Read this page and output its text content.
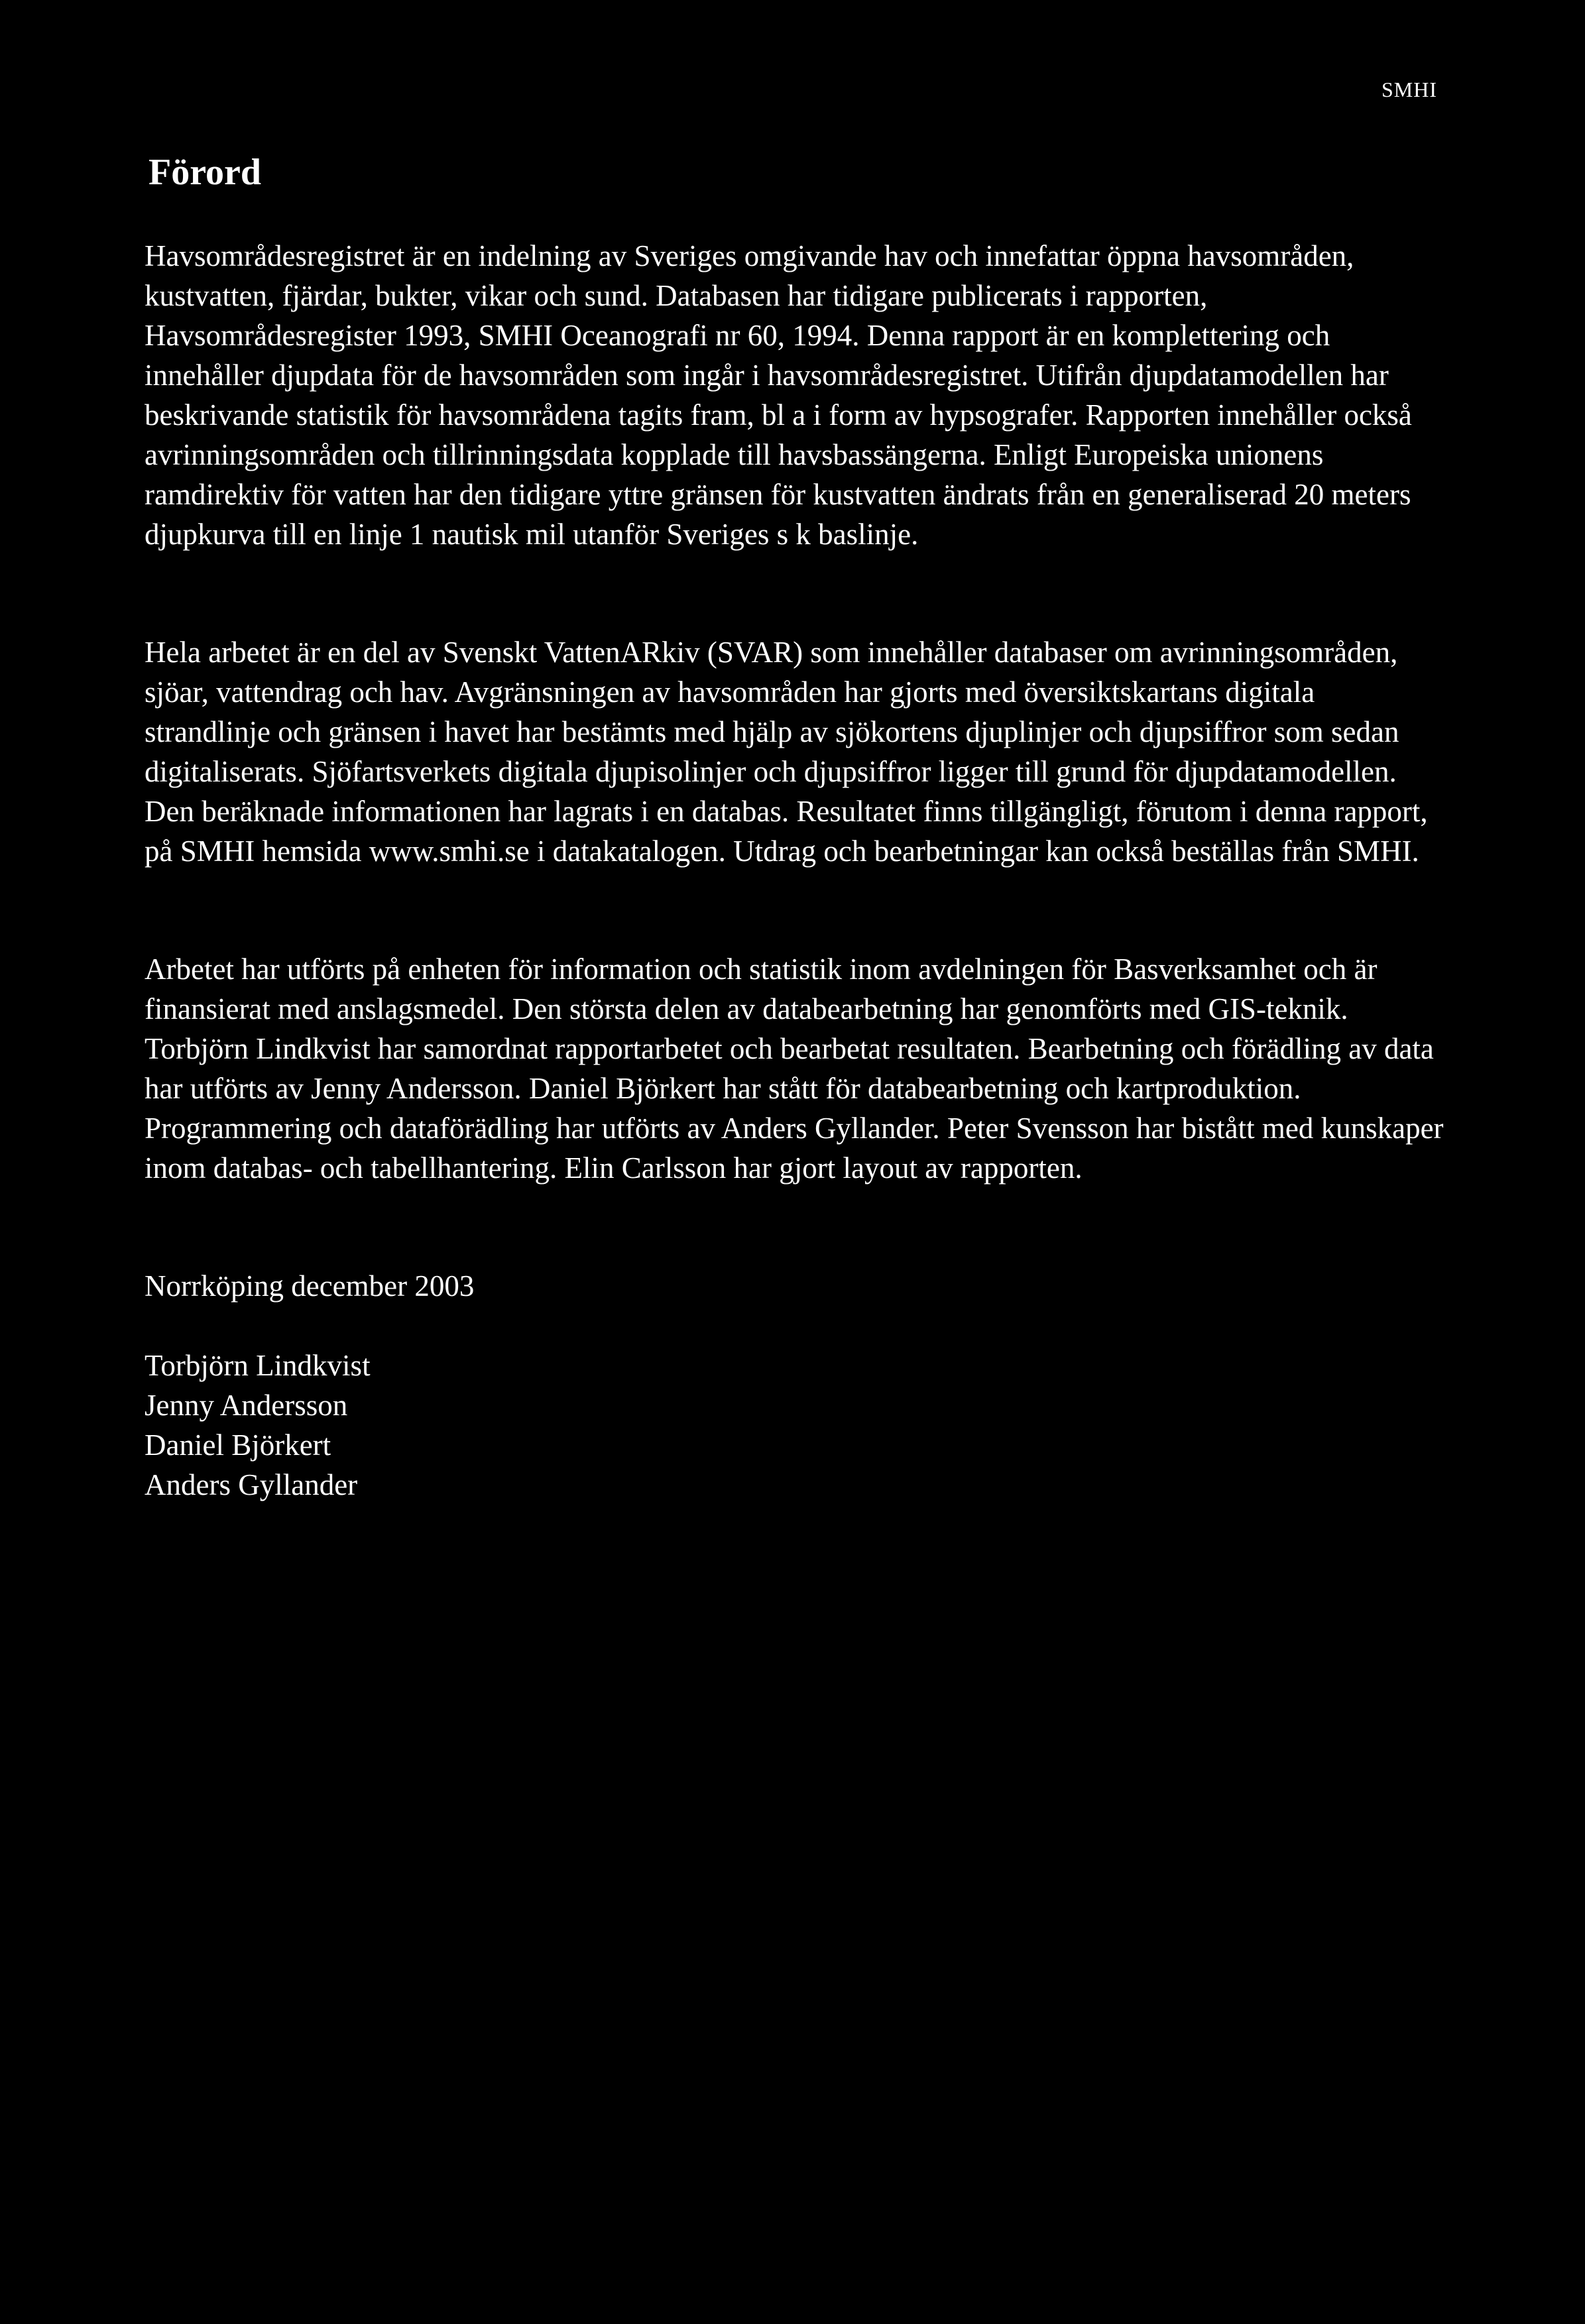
SMHI
Förord

Havsområdesregistret är en indelning av Sveriges omgivande hav och innefattar öppna havsområden, kustvatten, fjärdar, bukter, vikar och sund. Databasen har tidigare publicerats i rapporten, Havsområdesregister 1993, SMHI Oceanografi nr 60, 1994. Denna rapport är en komplettering och innehåller djupdata för de havsområden som ingår i havsområdesregistret. Utifrån djupdatamodellen har beskrivande statistik för havsområdena tagits fram, bl a i form av hypsografer. Rapporten innehåller också avrinningsområden och tillrinningsdata kopplade till havsbassängerna. Enligt Europeiska unionens ramdirektiv för vatten har den tidigare yttre gränsen för kustvatten ändrats från en generaliserad 20 meters djupkurva till en linje 1 nautisk mil utanför Sveriges s k baslinje.

Hela arbetet är en del av Svenskt VattenARkiv (SVAR) som innehåller databaser om avrinningsområden, sjöar, vattendrag och hav. Avgränsningen av havsområden har gjorts med översiktskartans digitala strandlinje och gränsen i havet har bestämts med hjälp av sjökortens djuplinjer och djupsiffror som sedan digitaliserats. Sjöfartsverkets digitala djupisolinjer och djupsiffror ligger till grund för djupdatamodellen. Den beräknade informationen har lagrats i en databas. Resultatet finns tillgängligt, förutom i denna rapport, på SMHI hemsida www.smhi.se i datakatalogen. Utdrag och bearbetningar kan också beställas från SMHI.

Arbetet har utförts på enheten för information och statistik inom avdelningen för Basverksamhet och är finansierat med anslagsmedel. Den största delen av databearbetning har genomförts med GIS-teknik. Torbjörn Lindkvist har samordnat rapportarbetet och bearbetat resultaten. Bearbetning och förädling av data har utförts av Jenny Andersson. Daniel Björkert har stått för databearbetning och kartproduktion. Programmering och dataförädling har utförts av Anders Gyllander. Peter Svensson har bistått med kunskaper inom databas- och tabellhantering. Elin Carlsson har gjort layout av rapporten.

Norrköping december 2003

Torbjörn Lindkvist
Jenny Andersson
Daniel Björkert
Anders Gyllander
